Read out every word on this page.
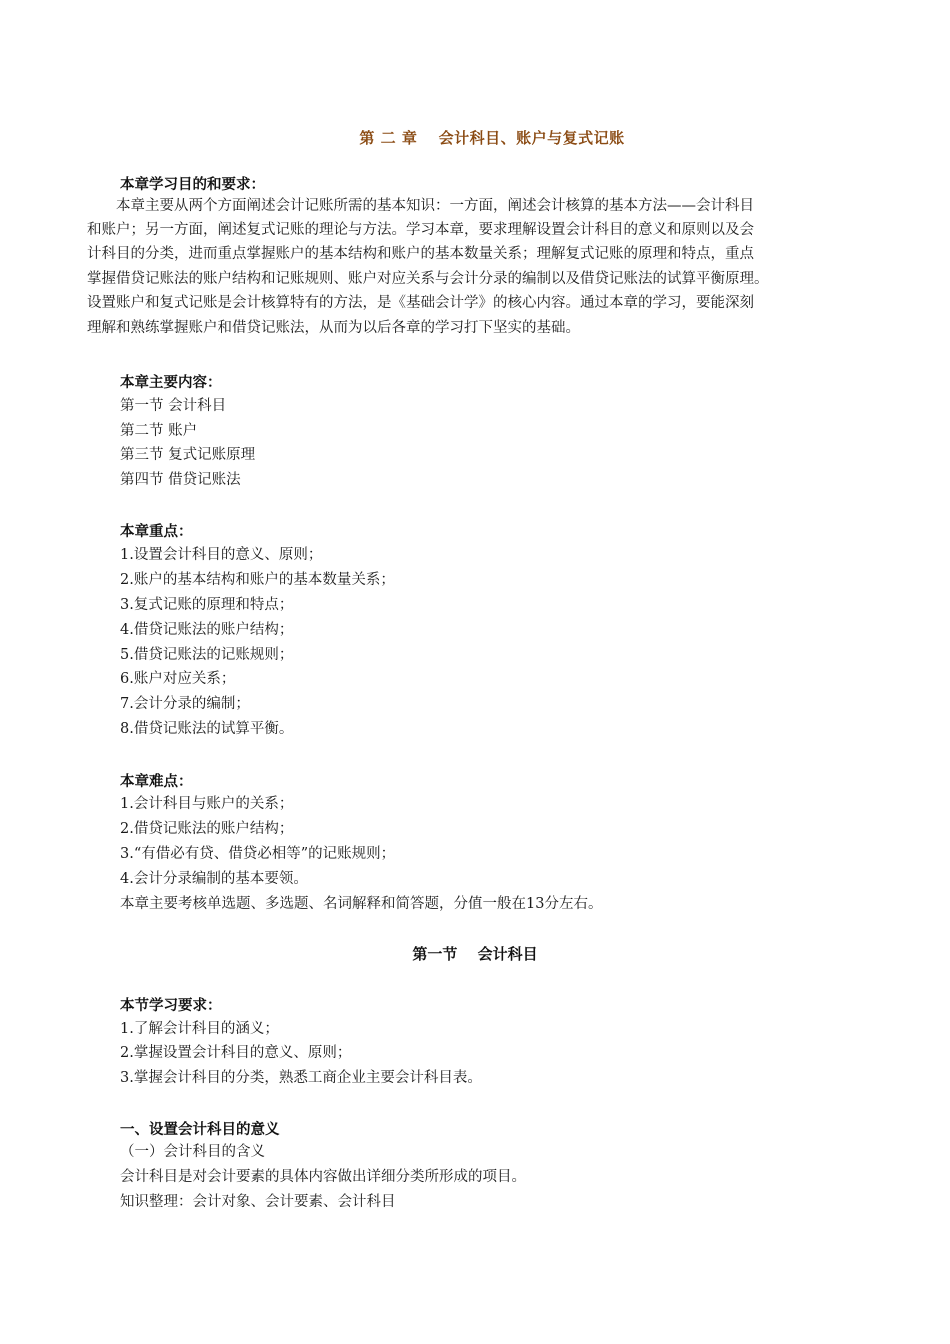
第 二 章　 会计科目、账户与复式记账
本章学习目的和要求：
　　本章主要从两个方面阐述会计记账所需的基本知识：一方面，阐述会计核算的基本方法——会计科目
和账户；另一方面，阐述复式记账的理论与方法。学习本章，要求理解设置会计科目的意义和原则以及会
计科目的分类，进而重点掌握账户的基本结构和账户的基本数量关系；理解复式记账的原理和特点，重点
掌握借贷记账法的账户结构和记账规则、账户对应关系与会计分录的编制以及借贷记账法的试算平衡原理。
设置账户和复式记账是会计核算特有的方法，是《基础会计学》的核心内容。通过本章的学习，要能深刻
理解和熟练掌握账户和借贷记账法，从而为以后各章的学习打下坚实的基础。
本章主要内容：
第一节 会计科目
第二节 账户
第三节 复式记账原理
第四节 借贷记账法
本章重点：
1.设置会计科目的意义、原则；
2.账户的基本结构和账户的基本数量关系；
3.复式记账的原理和特点；
4.借贷记账法的账户结构；
5.借贷记账法的记账规则；
6.账户对应关系；
7.会计分录的编制；
8.借贷记账法的试算平衡。
本章难点：
1.会计科目与账户的关系；
2.借贷记账法的账户结构；
3.“有借必有贷、借贷必相等”的记账规则；
4.会计分录编制的基本要领。
本章主要考核单选题、多选题、名词解释和简答题，分值一般在13分左右。
第一节　 会计科目
本节学习要求：
1.了解会计科目的涵义；
2.掌握设置会计科目的意义、原则；
3.掌握会计科目的分类，熟悉工商企业主要会计科目表。
一、设置会计科目的意义
（一）会计科目的含义
会计科目是对会计要素的具体内容做出详细分类所形成的项目。
知识整理：会计对象、会计要素、会计科目
